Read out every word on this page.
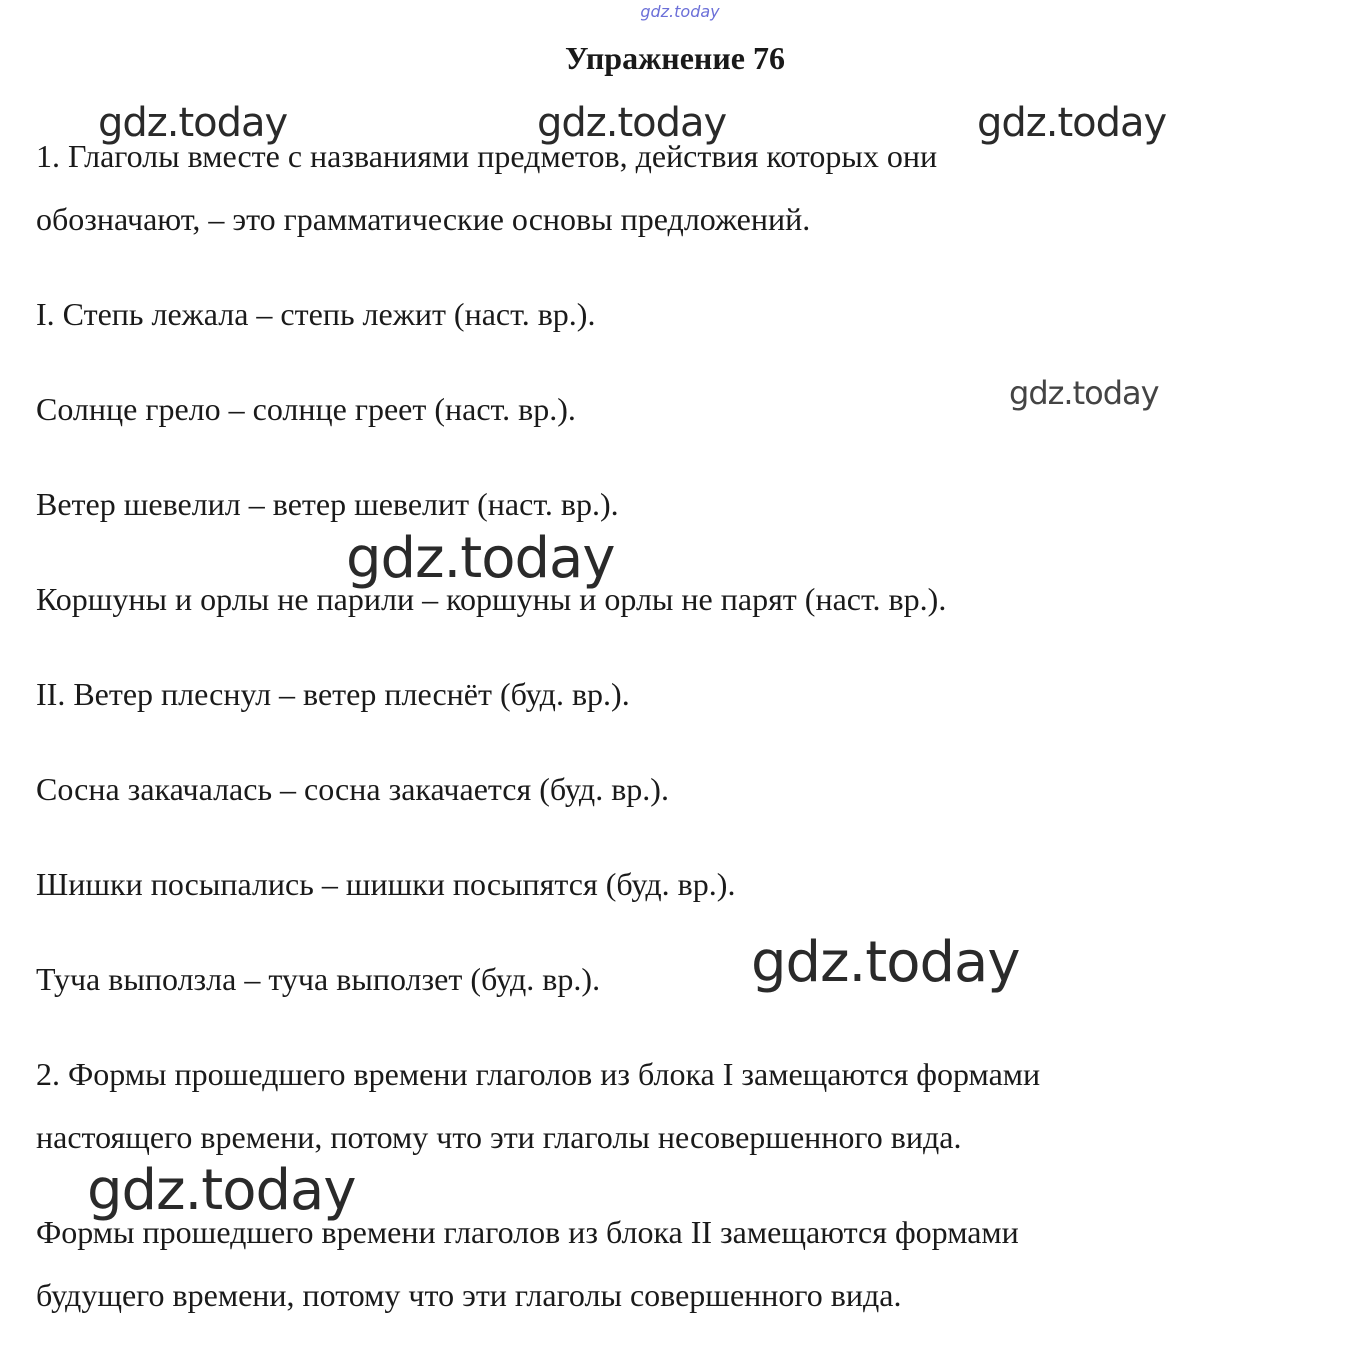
gdz.today
Упражнение 76
1. Глаголы вместе с названиями предметов, действия которых они
обозначают, – это грамматические основы предложений.
I. Степь лежала – степь лежит (наст. вр.).
Солнце грело – солнце греет (наст. вр.).
Ветер шевелил – ветер шевелит (наст. вр.).
Коршуны и орлы не парили – коршуны и орлы не парят (наст. вр.).
II. Ветер плеснул – ветер плеснёт (буд. вр.).
Сосна закачалась – сосна закачается (буд. вр.).
Шишки посыпались – шишки посыпятся (буд. вр.).
Туча выползла – туча выползет (буд. вр.).
2. Формы прошедшего времени глаголов из блока I замещаются формами
настоящего времени, потому что эти глаголы несовершенного вида.
Формы прошедшего времени глаголов из блока II замещаются формами
будущего времени, потому что эти глаголы совершенного вида.
gdz.today	gdz.today	gdz.today
gdz.today
gdz.today
gdz.today
gdz.today
